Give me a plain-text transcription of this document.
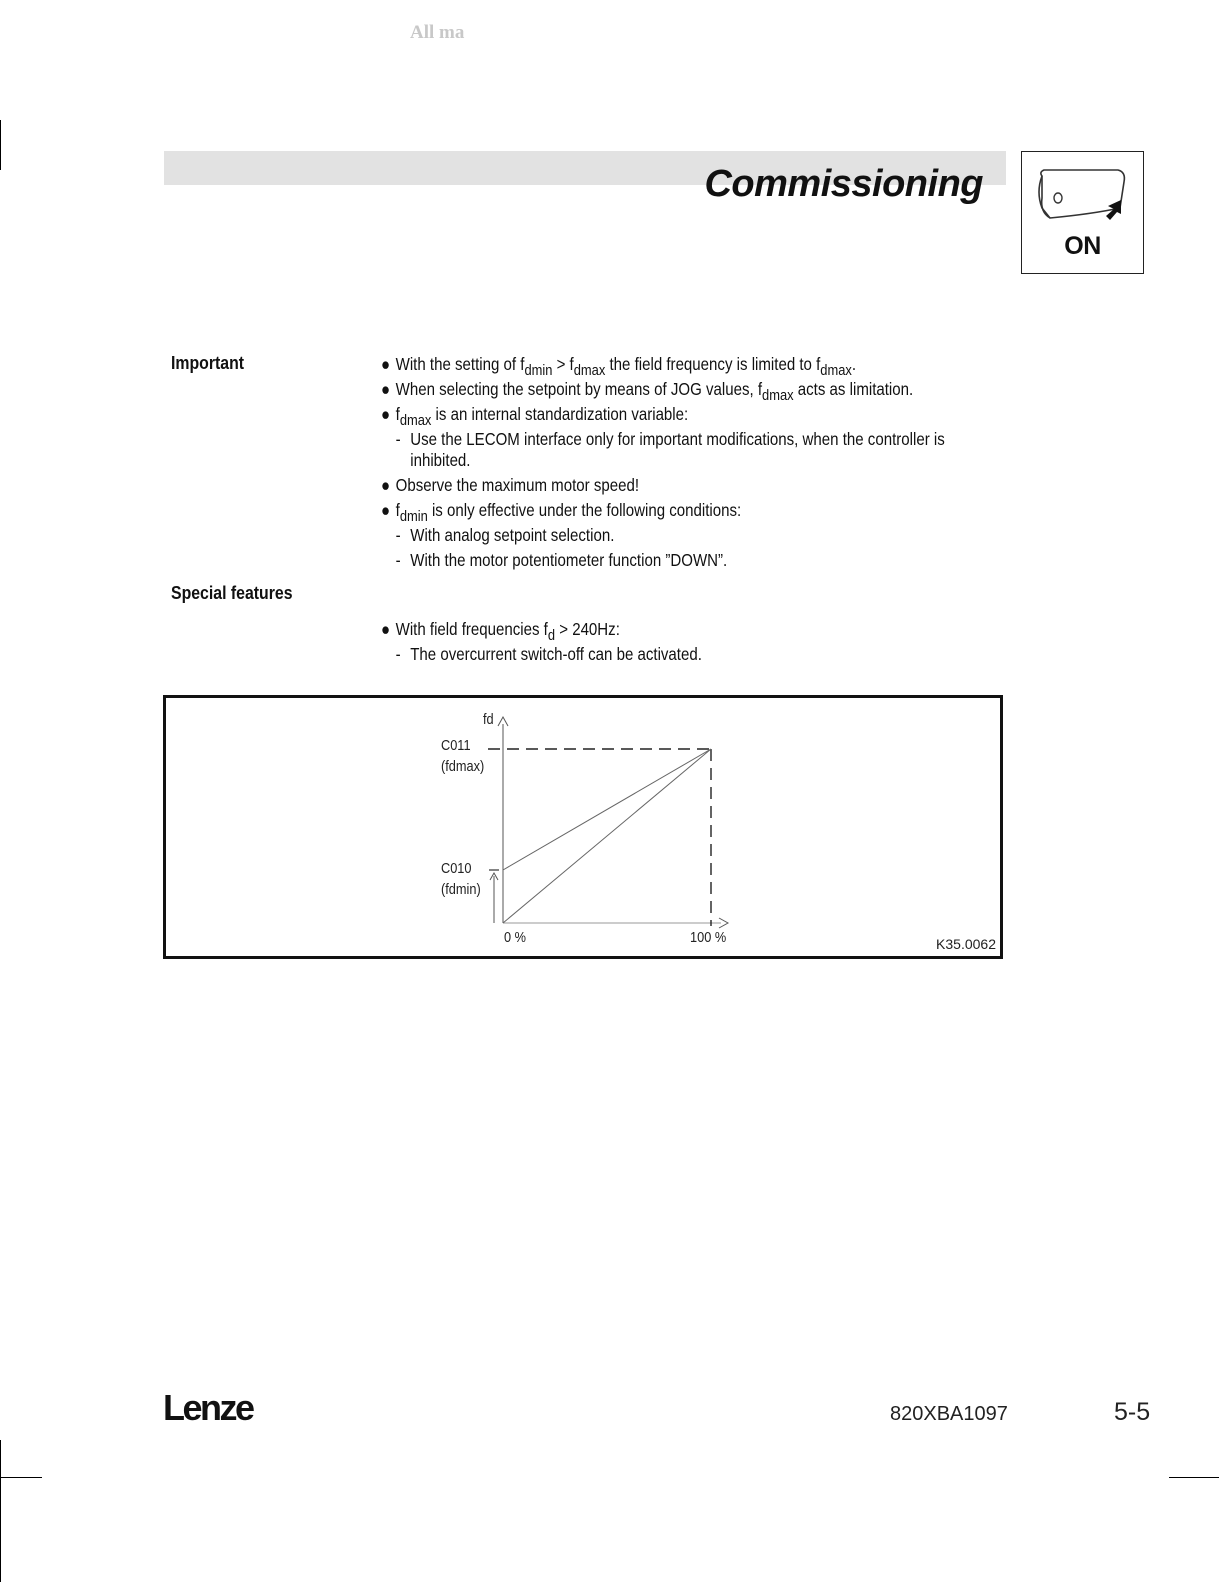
All ma
Commissioning
ON
Important
Special features
● With the setting of $f_{dmin} > f_{dmax}$ the field frequency is limited to $f_{dmax}$.
● When selecting the setpoint by means of JOG values, $f_{dmax}$ acts as limitation.
● $f_{dmax}$ is an internal standardization variable:
- Use the LECOM interface only for important modifications, when the controller is
inhibited.
● Observe the maximum motor speed!
● $f_{dmin}$ is only effective under the following conditions:
- With analog setpoint selection.
- With the motor potentiometer function ”DOWN”.
● With field frequencies $f_d > 240Hz$:
- The overcurrent switch-off can be activated.
fd
C011
(fdmax)
C010
(fdmin)
0 %	100 %	K35.0062
Lenze	820XBA1097	5-5
